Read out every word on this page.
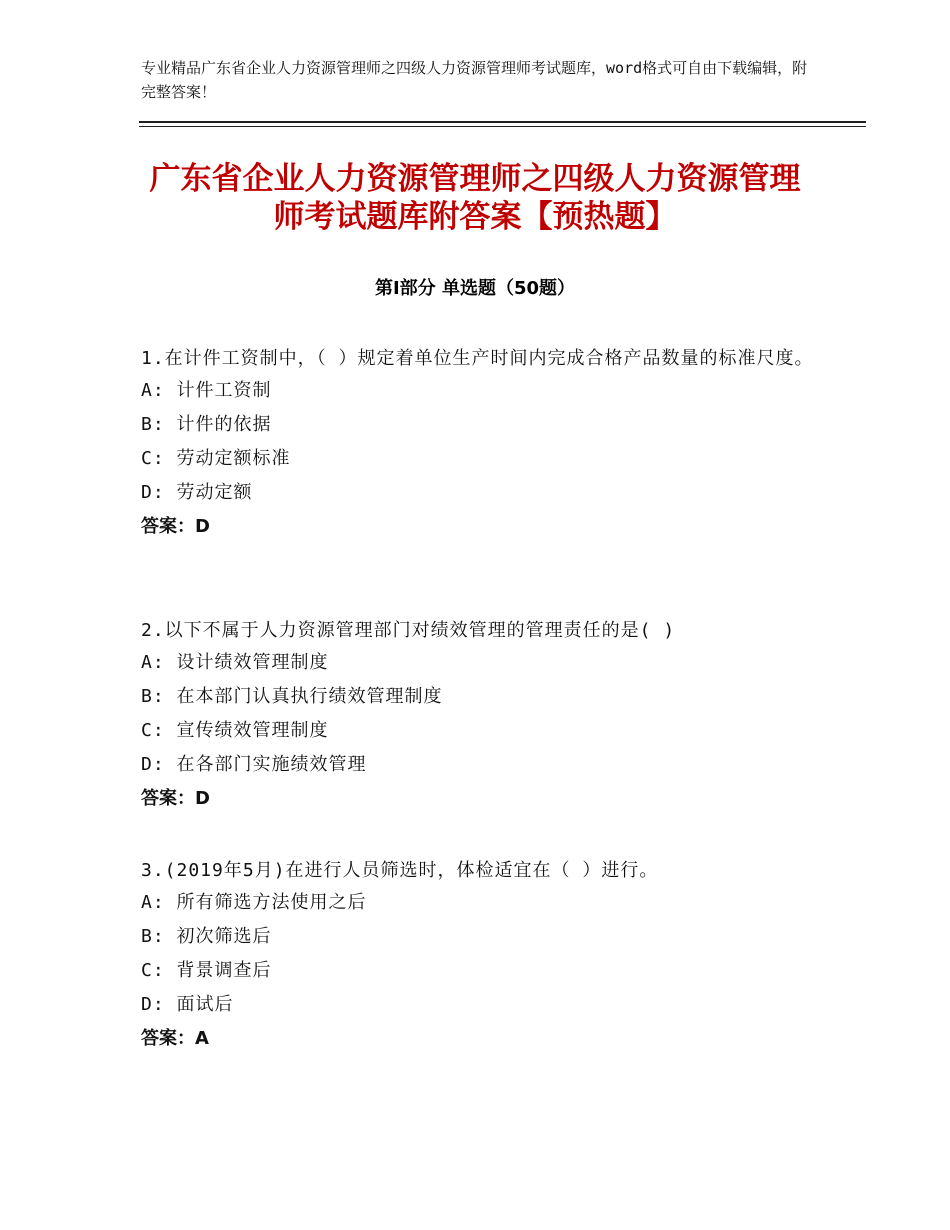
专业精品广东省企业人力资源管理师之四级人力资源管理师考试题库，word格式可自由下载编辑，附完整答案！
广东省企业人力资源管理师之四级人力资源管理师考试题库附答案【预热题】
第Ⅰ部分 单选题（50题）

1.在计件工资制中，（ ）规定着单位生产时间内完成合格产品数量的标准尺度。

A: 计件工资制

B: 计件的依据

C: 劳动定额标准

D: 劳动定额

答案：D

2.以下不属于人力资源管理部门对绩效管理的管理责任的是( )

A: 设计绩效管理制度

B: 在本部门认真执行绩效管理制度

C: 宣传绩效管理制度

D: 在各部门实施绩效管理

答案：D

3.(2019年5月)在进行人员筛选时，体检适宜在（ ）进行。

A: 所有筛选方法使用之后

B: 初次筛选后

C: 背景调查后

D: 面试后

答案：A
